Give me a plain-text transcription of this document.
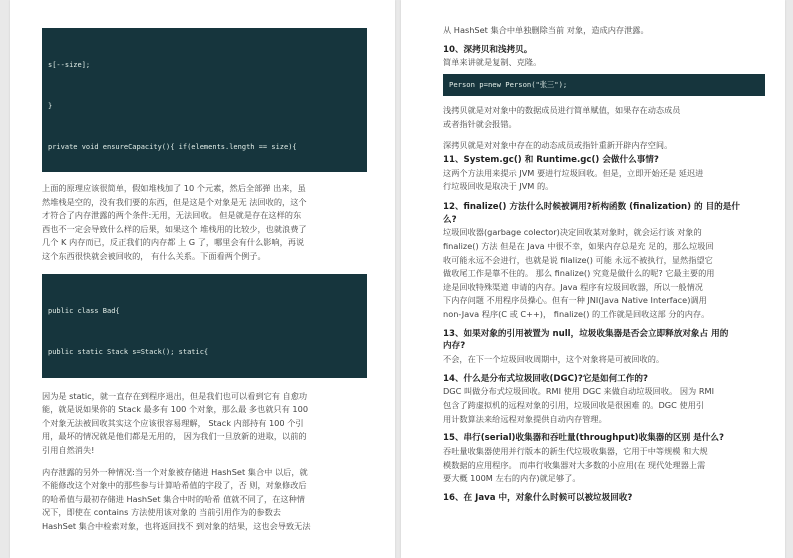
s[--size];

}

private void ensureCapacity(){ if(elements.length == size){

上面的原理应该很简单，假如堆栈加了 10 个元素，然后全部弹 出来，虽

然堆栈是空的，没有我们要的东西，但是这是个对象是无 法回收的，这个

才符合了内存泄露的两个条件:无用，无法回收。 但是就是存在这样的东

西也不一定会导致什么样的后果，如果这个 堆栈用的比较少，也就浪费了

几个 K 内存而已，反正我们的内存都 上 G 了，哪里会有什么影响，再说

这个东西很快就会被回收的， 有什么关系。下面看两个例子。

public class Bad{

public static Stack s=Stack(); static{

因为是 static，就一直存在到程序退出，但是我们也可以看到它有 自愈功

能，就是说如果你的 Stack 最多有 100 个对象，那么最 多也就只有 100

个对象无法被回收其实这个应该很容易理解， Stack 内部持有 100 个引

用，最坏的情况就是他们都是无用的， 因为我们一旦放新的进取，以前的

引用自然消失!

内存泄露的另外一种情况:当一个对象被存储进 HashSet 集合中 以后，就

不能修改这个对象中的那些参与计算哈希值的字段了，否 则，对象修改后

的哈希值与最初存储进 HashSet 集合中时的哈希 值就不同了，在这种情

况下，即使在 contains 方法使用该对象的 当前引用作为的参数去

HashSet 集合中检索对象，也将返回找不 到对象的结果，这也会导致无法

从 HashSet 集合中单独删除当前 对象，造成内存泄露。

10、深拷贝和浅拷贝。

简单来讲就是复制、克隆。

Person p=new Person("张三");

浅拷贝就是对对象中的数据成员进行简单赋值，如果存在动态成员

或者指针就会报错。

深拷贝就是对对象中存在的动态成员或指针重新开辟内存空间。

11、System.gc() 和 Runtime.gc() 会做什么事情?

这两个方法用来提示 JVM 要进行垃圾回收。但是，立即开始还是 延迟进

行垃圾回收是取决于 JVM 的。

12、finalize() 方法什么时候被调用?析构函数 (finalization) 的 目的是什

么?

垃圾回收器(garbage colector)决定回收某对象时，就会运行该 对象的

finalize() 方法 但是在 Java 中很不幸，如果内存总是充 足的，那么垃圾回

收可能永远不会进行，也就是说 filalize() 可能 永远不被执行，显然指望它

做收尾工作是靠不住的。 那么 finalize() 究竟是做什么的呢? 它最主要的用

途是回收特殊渠道 申请的内存。Java 程序有垃圾回收器，所以一般情况

下内存问题 不用程序员操心。但有一种 JNI(Java Native Interface)调用

non-Java 程序(C 或 C++)， finalize() 的工作就是回收这部 分的内存。

13、如果对象的引用被置为 null，垃圾收集器是否会立即释放对象占 用的

内存?

不会，在下一个垃圾回收周期中，这个对象将是可被回收的。

14、什么是分布式垃圾回收(DGC)?它是如何工作的?

DGC 叫做分布式垃圾回收。RMI 使用 DGC 来做自动垃圾回收。 因为 RMI

包含了跨虚拟机的远程对象的引用，垃圾回收是很困难 的。DGC 使用引

用计数算法来给远程对象提供自动内存管理。

15、串行(serial)收集器和吞吐量(throughput)收集器的区别 是什么?

吞吐量收集器使用并行版本的新生代垃圾收集器，它用于中等规模 和大规

模数据的应用程序。 而串行收集器对大多数的小应用(在 现代处理器上需

要大概 100M 左右的内存)就足够了。

16、在 Java 中，对象什么时候可以被垃圾回收?
